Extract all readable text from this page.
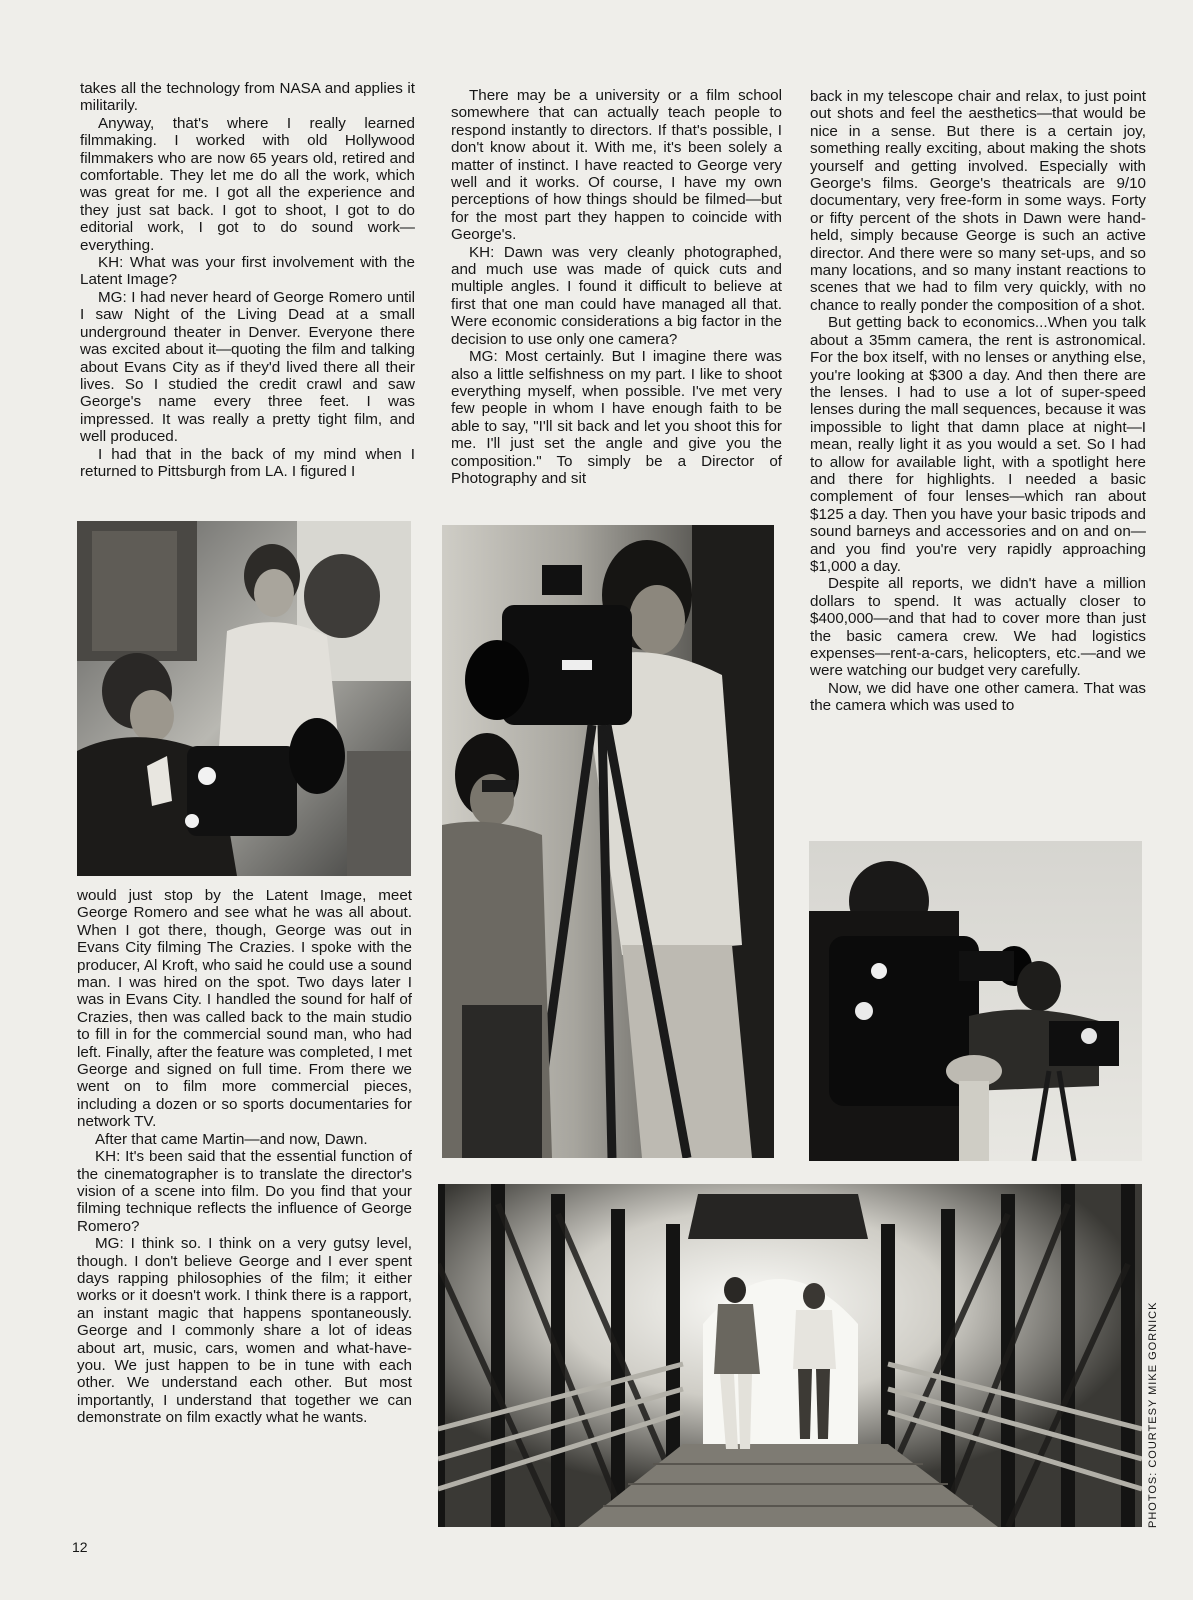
takes all the technology from NASA and applies it militarily.

Anyway, that's where I really learned filmmaking. I worked with old Hollywood filmmakers who are now 65 years old, retired and comfortable. They let me do all the work, which was great for me. I got all the experience and they just sat back. I got to shoot, I got to do editorial work, I got to do sound work—everything.

KH: What was your first involvement with the Latent Image?

MG: I had never heard of George Romero until I saw Night of the Living Dead at a small underground theater in Denver. Everyone there was excited about it—quoting the film and talking about Evans City as if they'd lived there all their lives. So I studied the credit crawl and saw George's name every three feet. I was impressed. It was really a pretty tight film, and well produced.

I had that in the back of my mind when I returned to Pittsburgh from LA. I figured I

would just stop by the Latent Image, meet George Romero and see what he was all about. When I got there, though, George was out in Evans City filming The Crazies. I spoke with the producer, Al Kroft, who said he could use a sound man. I was hired on the spot. Two days later I was in Evans City. I handled the sound for half of Crazies, then was called back to the main studio to fill in for the commercial sound man, who had left. Finally, after the feature was completed, I met George and signed on full time. From there we went on to film more commercial pieces, including a dozen or so sports documentaries for network TV.

After that came Martin—and now, Dawn.

KH: It's been said that the essential function of the cinematographer is to translate the director's vision of a scene into film. Do you find that your filming technique reflects the influence of George Romero?

MG: I think so. I think on a very gutsy level, though. I don't believe George and I ever spent days rapping philosophies of the film; it either works or it doesn't work. I think there is a rapport, an instant magic that happens spontaneously. George and I commonly share a lot of ideas about art, music, cars, women and what-have-you. We just happen to be in tune with each other. We understand each other. But most importantly, I understand that together we can demonstrate on film exactly what he wants.

There may be a university or a film school somewhere that can actually teach people to respond instantly to directors. If that's possible, I don't know about it. With me, it's been solely a matter of instinct. I have reacted to George very well and it works. Of course, I have my own perceptions of how things should be filmed—but for the most part they happen to coincide with George's.

KH: Dawn was very cleanly photographed, and much use was made of quick cuts and multiple angles. I found it difficult to believe at first that one man could have managed all that. Were economic considerations a big factor in the decision to use only one camera?

MG: Most certainly. But I imagine there was also a little selfishness on my part. I like to shoot everything myself, when possible. I've met very few people in whom I have enough faith to be able to say, "I'll sit back and let you shoot this for me. I'll just set the angle and give you the composition." To simply be a Director of Photography and sit

back in my telescope chair and relax, to just point out shots and feel the aesthetics—that would be nice in a sense. But there is a certain joy, something really exciting, about making the shots yourself and getting involved. Especially with George's films. George's theatricals are 9/10 documentary, very free-form in some ways. Forty or fifty percent of the shots in Dawn were hand-held, simply because George is such an active director. And there were so many set-ups, and so many locations, and so many instant reactions to scenes that we had to film very quickly, with no chance to really ponder the composition of a shot.

But getting back to economics...When you talk about a 35mm camera, the rent is astronomical. For the box itself, with no lenses or anything else, you're looking at $300 a day. And then there are the lenses. I had to use a lot of super-speed lenses during the mall sequences, because it was impossible to light that damn place at night—I mean, really light it as you would a set. So I had to allow for available light, with a spotlight here and there for highlights. I needed a basic complement of four lenses—which ran about $125 a day. Then you have your basic tripods and sound barneys and accessories and on and on—and you find you're very rapidly approaching $1,000 a day.

Despite all reports, we didn't have a million dollars to spend. It was actually closer to $400,000—and that had to cover more than just the basic camera crew. We had logistics expenses—rent-a-cars, helicopters, etc.—and we were watching our budget very carefully.

Now, we did have one other camera. That was the camera which was used to

12
PHOTOS: COURTESY MIKE GORNICK
